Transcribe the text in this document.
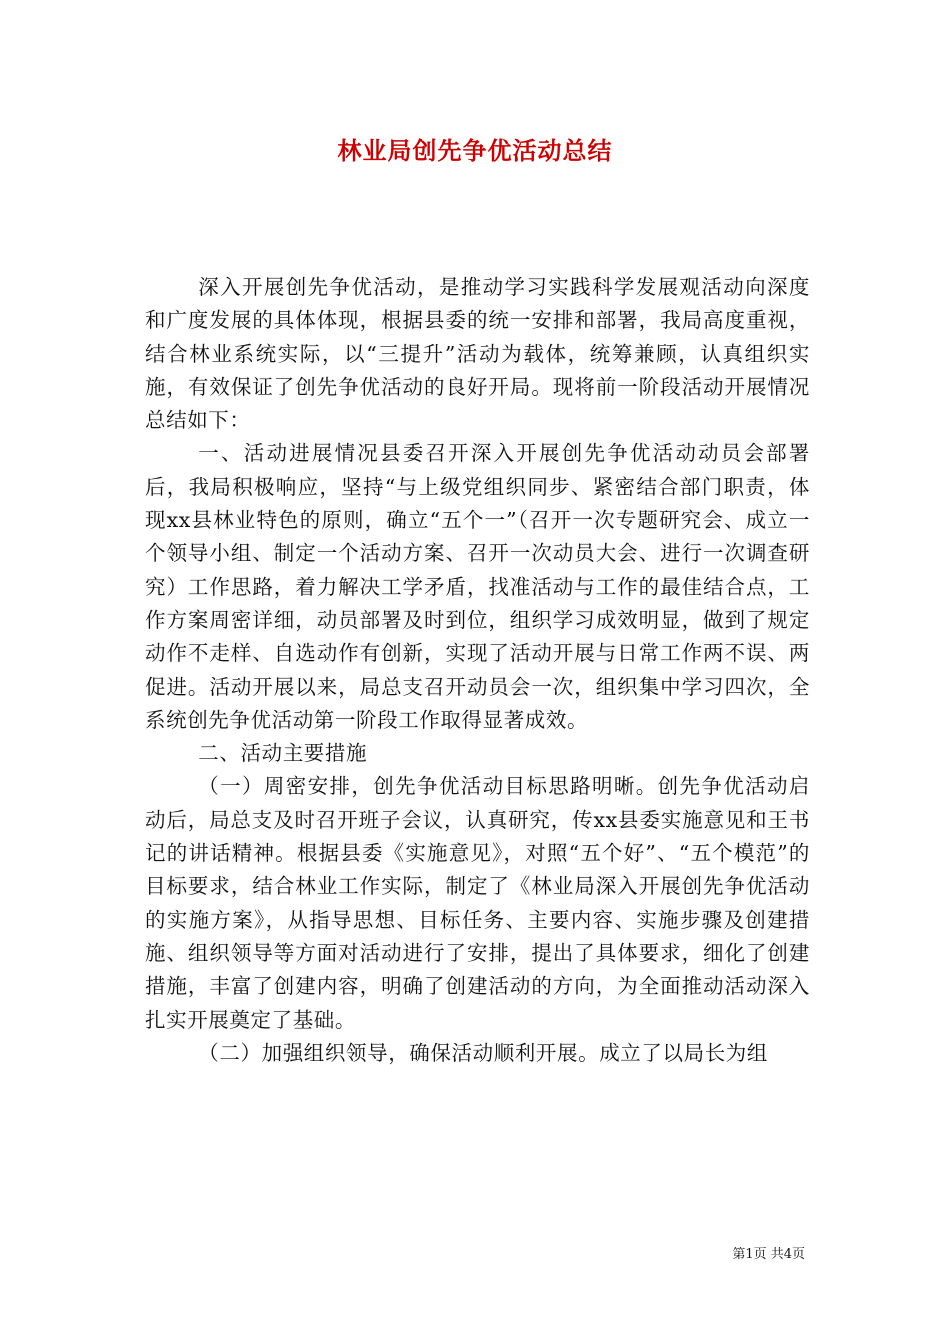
林业局创先争优活动总结

深入开展创先争优活动，是推动学习实践科学发展观活动向深度和广度发展的具体体现，根据县委的统一安排和部署，我局高度重视，结合林业系统实际，以“三提升”活动为载体，统筹兼顾，认真组织实施，有效保证了创先争优活动的良好开局。现将前一阶段活动开展情况总结如下：

一、活动进展情况县委召开深入开展创先争优活动动员会部署后，我局积极响应，坚持“与上级党组织同步、紧密结合部门职责，体现xx县林业特色的原则，确立“五个一”（召开一次专题研究会、成立一个领导小组、制定一个活动方案、召开一次动员大会、进行一次调查研究）工作思路，着力解决工学矛盾，找准活动与工作的最佳结合点，工作方案周密详细，动员部署及时到位，组织学习成效明显，做到了规定动作不走样、自选动作有创新，实现了活动开展与日常工作两不误、两促进。活动开展以来，局总支召开动员会一次，组织集中学习四次，全系统创先争优活动第一阶段工作取得显著成效。

二、活动主要措施

（一）周密安排，创先争优活动目标思路明晰。创先争优活动启动后，局总支及时召开班子会议，认真研究，传xx县委实施意见和王书记的讲话精神。根据县委《实施意见》，对照“五个好”、“五个模范”的目标要求，结合林业工作实际，制定了《林业局深入开展创先争优活动的实施方案》，从指导思想、目标任务、主要内容、实施步骤及创建措施、组织领导等方面对活动进行了安排，提出了具体要求，细化了创建措施，丰富了创建内容，明确了创建活动的方向，为全面推动活动深入扎实开展奠定了基础。

（二）加强组织领导，确保活动顺利开展。成立了以局长为组

第1页 共4页
